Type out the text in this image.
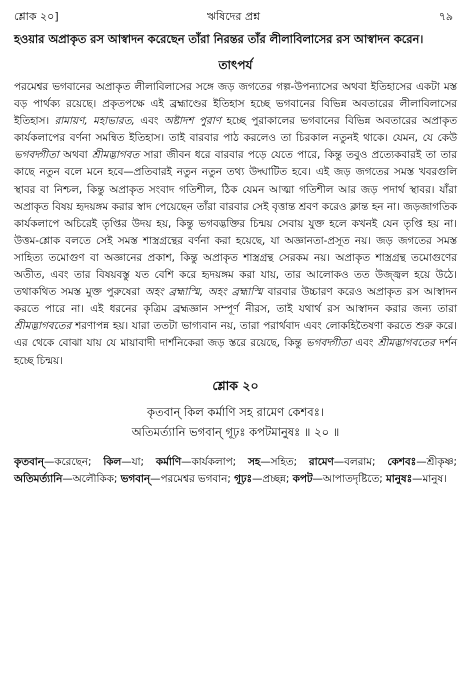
শ্লোক ২০]	ঋষিদের প্রশ্ন	৭৯
হওয়ার অপ্রাকৃত রস আস্বাদন করেছেন তাঁরা নিরন্তর তাঁর লীলাবিলাসের রস আস্বাদন করেন।
তাৎপর্য

পরমেশ্বর ভগবানের অপ্রাকৃত লীলাবিলাসের সঙ্গে জড় জগতের গল্প-উপন্যাসের অথবা ইতিহাসের একটা মস্ত বড় পার্থক্য রয়েছে। প্রকৃতপক্ষে এই ব্রহ্মাণ্ডের ইতিহাস হচ্ছে ভগবানের বিভিন্ন অবতারের লীলাবিলাসের ইতিহাস। রামায়ণ, মহাভারত, এবং অষ্টাদশ পুরাণ হচ্ছে পুরাকালের ভগবানের বিভিন্ন অবতারের অপ্রাকৃত কার্যকলাপের বর্ণনা সমন্বিত ইতিহাস। তাই বারবার পাঠ করলেও তা চিরকাল নতুনই থাকে। যেমন, যে কেউ ভগবদ্গীতা অথবা শ্রীমদ্ভাগবত সারা জীবন ধরে বারবার পড়ে যেতে পারে, কিন্তু তবুও প্রত্যেকবারই তা তার কাছে নতুন বলে মনে হবে—প্রতিবারই নতুন নতুন তথ্য উদ্ঘাটিত হবে। এই জড় জগতের সমস্ত খবরগুলি স্থাবর বা নিশ্চল, কিন্তু অপ্রাকৃত সংবাদ গতিশীল, ঠিক যেমন আত্মা গতিশীল আর জড় পদার্থ স্থাবর। যাঁরা অপ্রাকৃত বিষয় হৃদয়ঙ্গম করার স্বাদ পেয়েছেন তাঁরা বারবার সেই বৃত্তান্ত শ্রবণ করেও ক্লান্ত হন না। জড়জাগতিক কার্যকলাপে অচিরেই তৃপ্তির উদয় হয়, কিন্তু ভগবদ্ভক্তির চিন্ময় সেবায় যুক্ত হলে কখনই যেন তৃপ্তি হয় না। উত্তম-শ্লোক বলতে সেই সমস্ত শাস্ত্রগ্রন্থের বর্ণনা করা হয়েছে, যা অজ্ঞানতা-প্রসূত নয়। জড় জগতের সমস্ত সাহিত্য তমোগুণ বা অজ্ঞানের প্রকাশ, কিন্তু অপ্রাকৃত শাস্ত্রগ্রন্থ সেরকম নয়। অপ্রাকৃত শাস্ত্রগ্রন্থ তমোগুণের অতীত, এবং তার বিষয়বস্তু যত বেশি করে হৃদয়ঙ্গম করা যায়, তার আলোকও তত উজ্জ্বল হয়ে উঠে। তথাকথিত সমস্ত মুক্ত পুরুষেরা অহং ব্রহ্মাস্মি, অহং ব্রহ্মাস্মি বারবার উচ্চারণ করেও অপ্রাকৃত রস আস্বাদন করতে পারে না। এই ধরনের কৃত্রিম ব্রহ্মজ্ঞান সম্পূর্ণ নীরস, তাই যথার্থ রস আস্বাদন করার জন্য তারা শ্রীমদ্ভাগবতের শরণাপন্ন হয়। যারা ততটা ভাগ্যবান নয়, তারা পরার্থবাদ এবং লোকহিতৈষণা করতে শুরু করে। এর থেকে বোঝা যায় যে মায়াবাদী দার্শনিকেরা জড় স্তরে রয়েছে, কিন্তু ভগবদ্গীতা এবং শ্রীমদ্ভাগবতের দর্শন হচ্ছে চিন্ময়।

শ্লোক ২০
কৃতবান্ কিল কর্মাণি সহ রামেণ কেশবঃ।
অতিমর্ত্যানি ভগবান্ গূঢ়ঃ কপটমানুষঃ ॥ ২০ ॥
কৃতবান্—করেছেন; কিল—যা; কর্মাণি—কার্যকলাপ; সহ—সহিত; রামেণ—বলরাম; কেশবঃ—শ্রীকৃষ্ণ; অতিমর্ত্যানি—অলৌকিক; ভগবান্—পরমেশ্বর ভগবান; গূঢ়ঃ—প্রচ্ছন্ন; কপট—আপাতদৃষ্টিতে; মানুষঃ—মানুষ।
